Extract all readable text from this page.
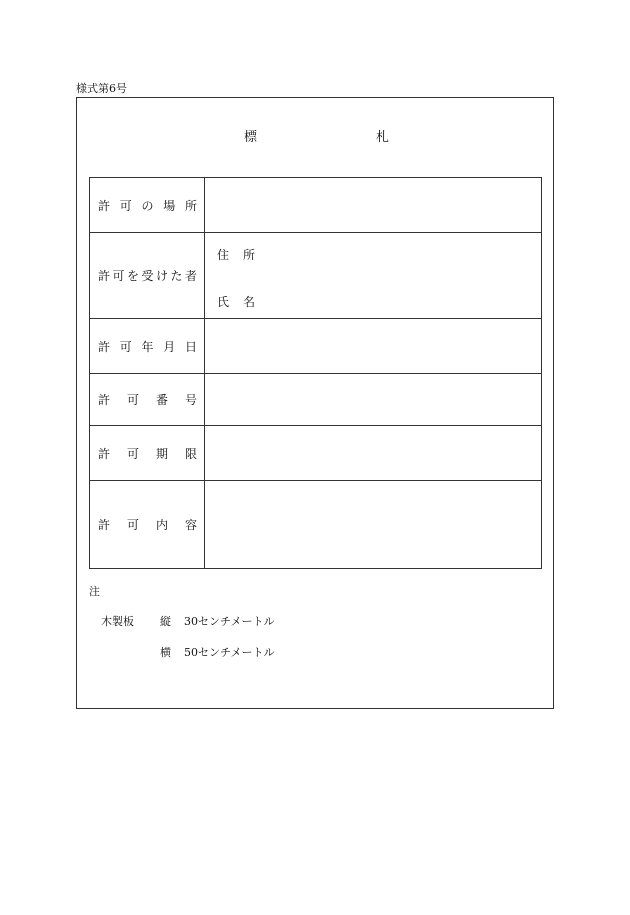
様式第6号
標	札
許可の場所	
許可を受けた者	住所
氏名

許可年月日	
許可番号	
許可期限	
許可内容	
注
木製板 縦 30センチメートル
横 50センチメートル
